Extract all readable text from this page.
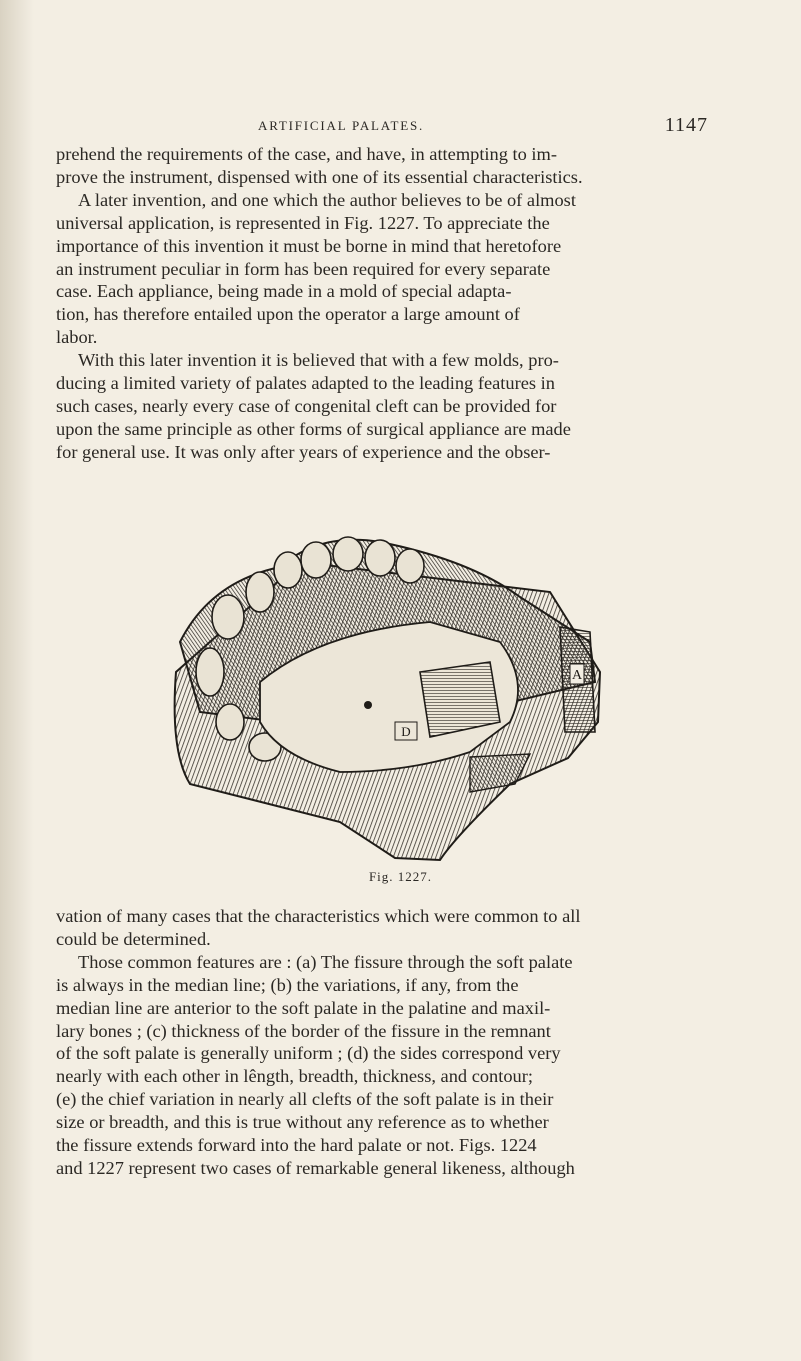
ARTIFICIAL PALATES.	1147
prehend the requirements of the case, and have, in attempting to im-
prove the instrument, dispensed with one of its essential characteristics.
A later invention, and one which the author believes to be of almost
universal application, is represented in Fig. 1227. To appreciate the
importance of this invention it must be borne in mind that heretofore
an instrument peculiar in form has been required for every separate
case. Each appliance, being made in a mold of special adapta-
tion, has therefore entailed upon the operator a large amount of
labor.
With this later invention it is believed that with a few molds, pro-
ducing a limited variety of palates adapted to the leading features in
such cases, nearly every case of congenital cleft can be provided for
upon the same principle as other forms of surgical appliance are made
for general use. It was only after years of experience and the obser-
A
D
Fig. 1227.
vation of many cases that the characteristics which were common to all
could be determined.
Those common features are : (a) The fissure through the soft palate
is always in the median line; (b) the variations, if any, from the
median line are anterior to the soft palate in the palatine and maxil-
lary bones ; (c) thickness of the border of the fissure in the remnant
of the soft palate is generally uniform ; (d) the sides correspond very
nearly with each other in lêngth, breadth, thickness, and contour;
(e) the chief variation in nearly all clefts of the soft palate is in their
size or breadth, and this is true without any reference as to whether
the fissure extends forward into the hard palate or not. Figs. 1224
and 1227 represent two cases of remarkable general likeness, although
